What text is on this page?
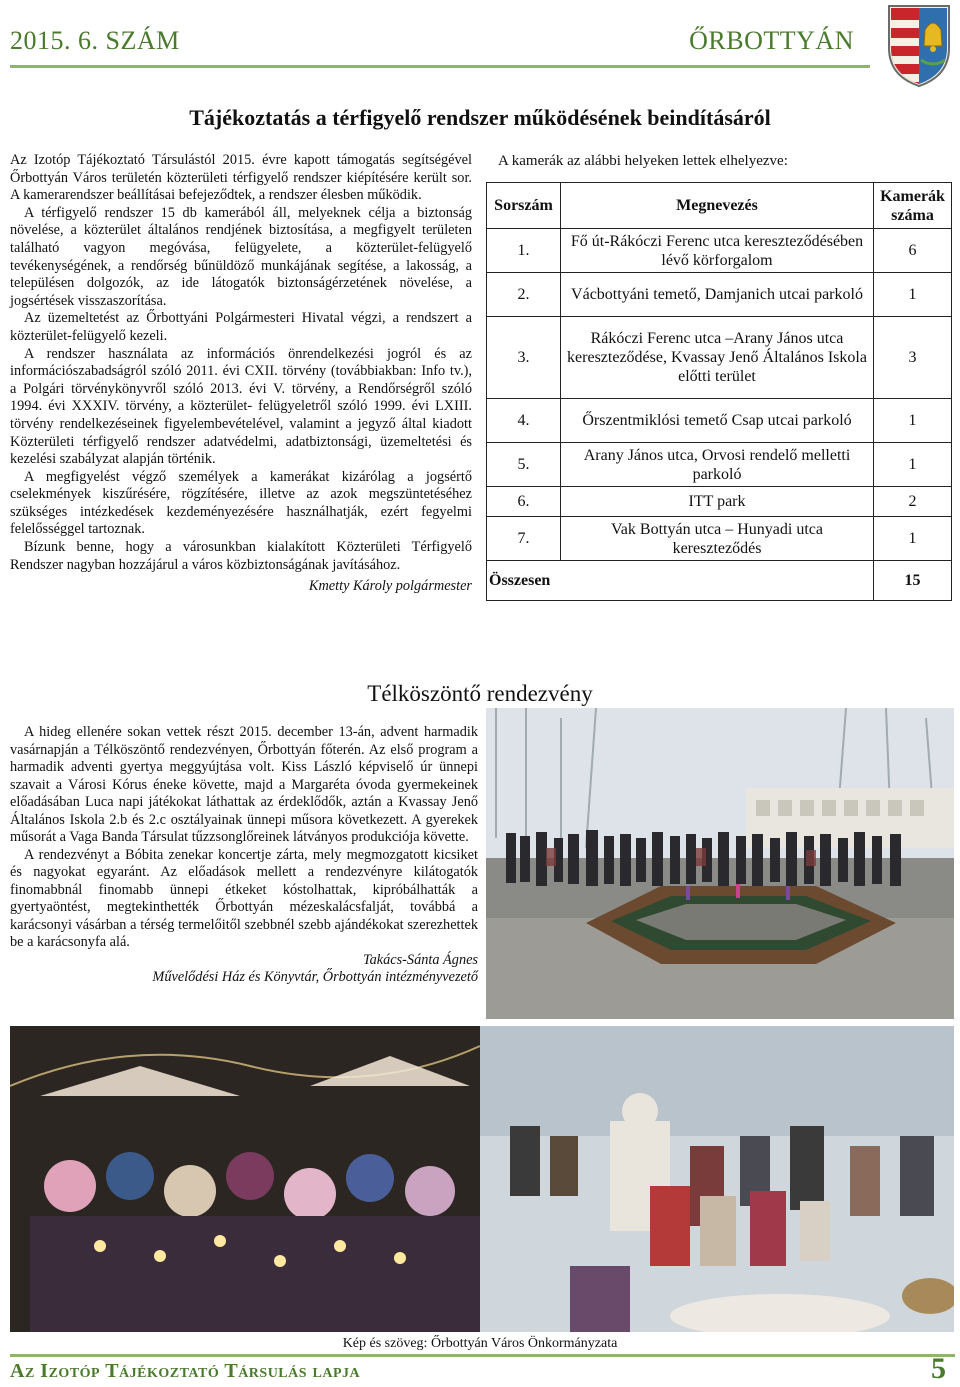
2015. 6. SZÁM	ŐRBOTTYÁN
Tájékoztatás a térfigyelő rendszer működésének beindításáról

Az Izotóp Tájékoztató Társulástól 2015. évre kapott támogatás segítségével Őrbottyán Város területén közterületi térfigyelő rendszer kiépítésére került sor. A kamerarendszer beállításai befejeződtek, a rendszer élesben működik.

A térfigyelő rendszer 15 db kamerából áll, melyeknek célja a biztonság növelése, a közterület általános rendjének biztosítása, a megfigyelt területen található vagyon megóvása, felügyelete, a közterület-felügyelő tevékenységének, a rendőrség bűnüldöző munkájának segítése, a lakosság, a településen dolgozók, az ide látogatók biztonságérzetének növelése, a jogsértések visszaszorítása.

Az üzemeltetést az Őrbottyáni Polgármesteri Hivatal végzi, a rendszert a közterület-felügyelő kezeli.

A rendszer használata az információs önrendelkezési jogról és az információszabadságról szóló 2011. évi CXII. törvény (továbbiakban: Info tv.), a Polgári törvénykönyvről szóló 2013. évi V. törvény, a Rendőrségről szóló 1994. évi XXXIV. törvény, a közterület- felügyeletről szóló 1999. évi LXIII. törvény rendelkezéseinek figyelembevételével, valamint a jegyző által kiadott Közterületi térfigyelő rendszer adatvédelmi, adatbiztonsági, üzemeltetési és kezelési szabályzat alapján történik.

A megfigyelést végző személyek a kamerákat kizárólag a jogsértő cselekmények kiszűrésére, rögzítésére, illetve az azok megszüntetéséhez szükséges intézkedések kezdeményezésére használhatják, ezért fegyelmi felelősséggel tartoznak.

Bízunk benne, hogy a városunkban kialakított Közterületi Térfigyelő Rendszer nagyban hozzájárul a város közbiztonságának javításához.

Kmetty Károly polgármester
A kamerák az alábbi helyeken lettek elhelyezve:
Sorszám	Megnevezés	Kamerák száma
1.	Fő út-Rákóczi Ferenc utca kereszteződésében lévő körforgalom	6
2.	Vácbottyáni temető, Damjanich utcai parkoló	1
3.	Rákóczi Ferenc utca –Arany János utca kereszteződése, Kvassay Jenő Általános Iskola előtti terület	3
4.	Őrszentmiklósi temető Csap utcai parkoló	1
5.	Arany János utca, Orvosi rendelő melletti parkoló	1
6.	ITT park	2
7.	Vak Bottyán utca – Hunyadi utca kereszteződés	1
Összesen		15
Télköszöntő rendezvény

A hideg ellenére sokan vettek részt 2015. december 13-án, advent harmadik vasárnapján a Télköszöntő rendezvényen, Őrbottyán főterén. Az első program a harmadik adventi gyertya meggyújtása volt. Kiss László képviselő úr ünnepi szavait a Városi Kórus éneke követte, majd a Margaréta óvoda gyermekeinek előadásában Luca napi játékokat láthattak az érdeklődők, aztán a Kvassay Jenő Általános Iskola 2.b és 2.c osztályainak ünnepi műsora következett. A gyerekek műsorát a Vaga Banda Társulat tűzzsonglőreinek látványos produkciója követte.

A rendezvényt a Bóbita zenekar koncertje zárta, mely megmozgatott kicsiket és nagyokat egyaránt. Az előadások mellett a rendezvényre kilátogatók finomabbnál finomabb ünnepi étkeket kóstolhattak, kipróbálhatták a gyertyaöntést, megtekinthették Őrbottyán mézeskalácsfalját, továbbá a karácsonyi vásárban a térség termelőitől szebbnél szebb ajándékokat szerezhettek be a karácsonyfa alá.

Takács-Sánta Ágnes
Művelődési Ház és Könyvtár, Őrbottyán intézményvezető
Kép és szöveg: Őrbottyán Város Önkormányzata
Az Izotóp Tájékoztató Társulás lapja	5
